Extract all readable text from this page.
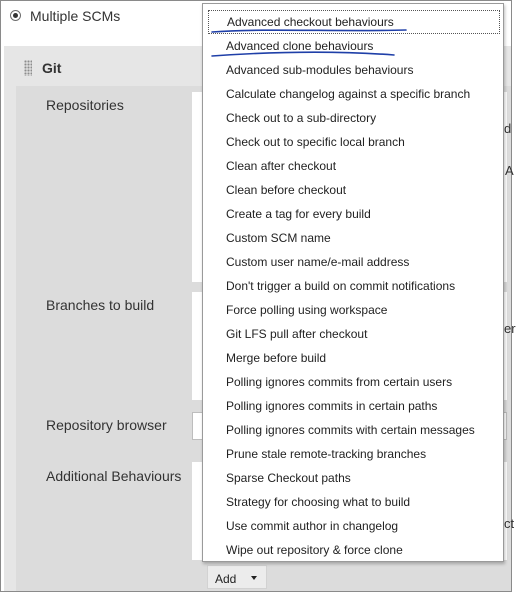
Multiple SCMs
Git
Repositories
Branches to build
Repository browser
Additional Behaviours
d
A
er
ct
Add
Advanced checkout behaviours
Advanced clone behaviours
Advanced sub-modules behaviours
Calculate changelog against a specific branch
Check out to a sub-directory
Check out to specific local branch
Clean after checkout
Clean before checkout
Create a tag for every build
Custom SCM name
Custom user name/e-mail address
Don't trigger a build on commit notifications
Force polling using workspace
Git LFS pull after checkout
Merge before build
Polling ignores commits from certain users
Polling ignores commits in certain paths
Polling ignores commits with certain messages
Prune stale remote-tracking branches
Sparse Checkout paths
Strategy for choosing what to build
Use commit author in changelog
Wipe out repository & force clone
